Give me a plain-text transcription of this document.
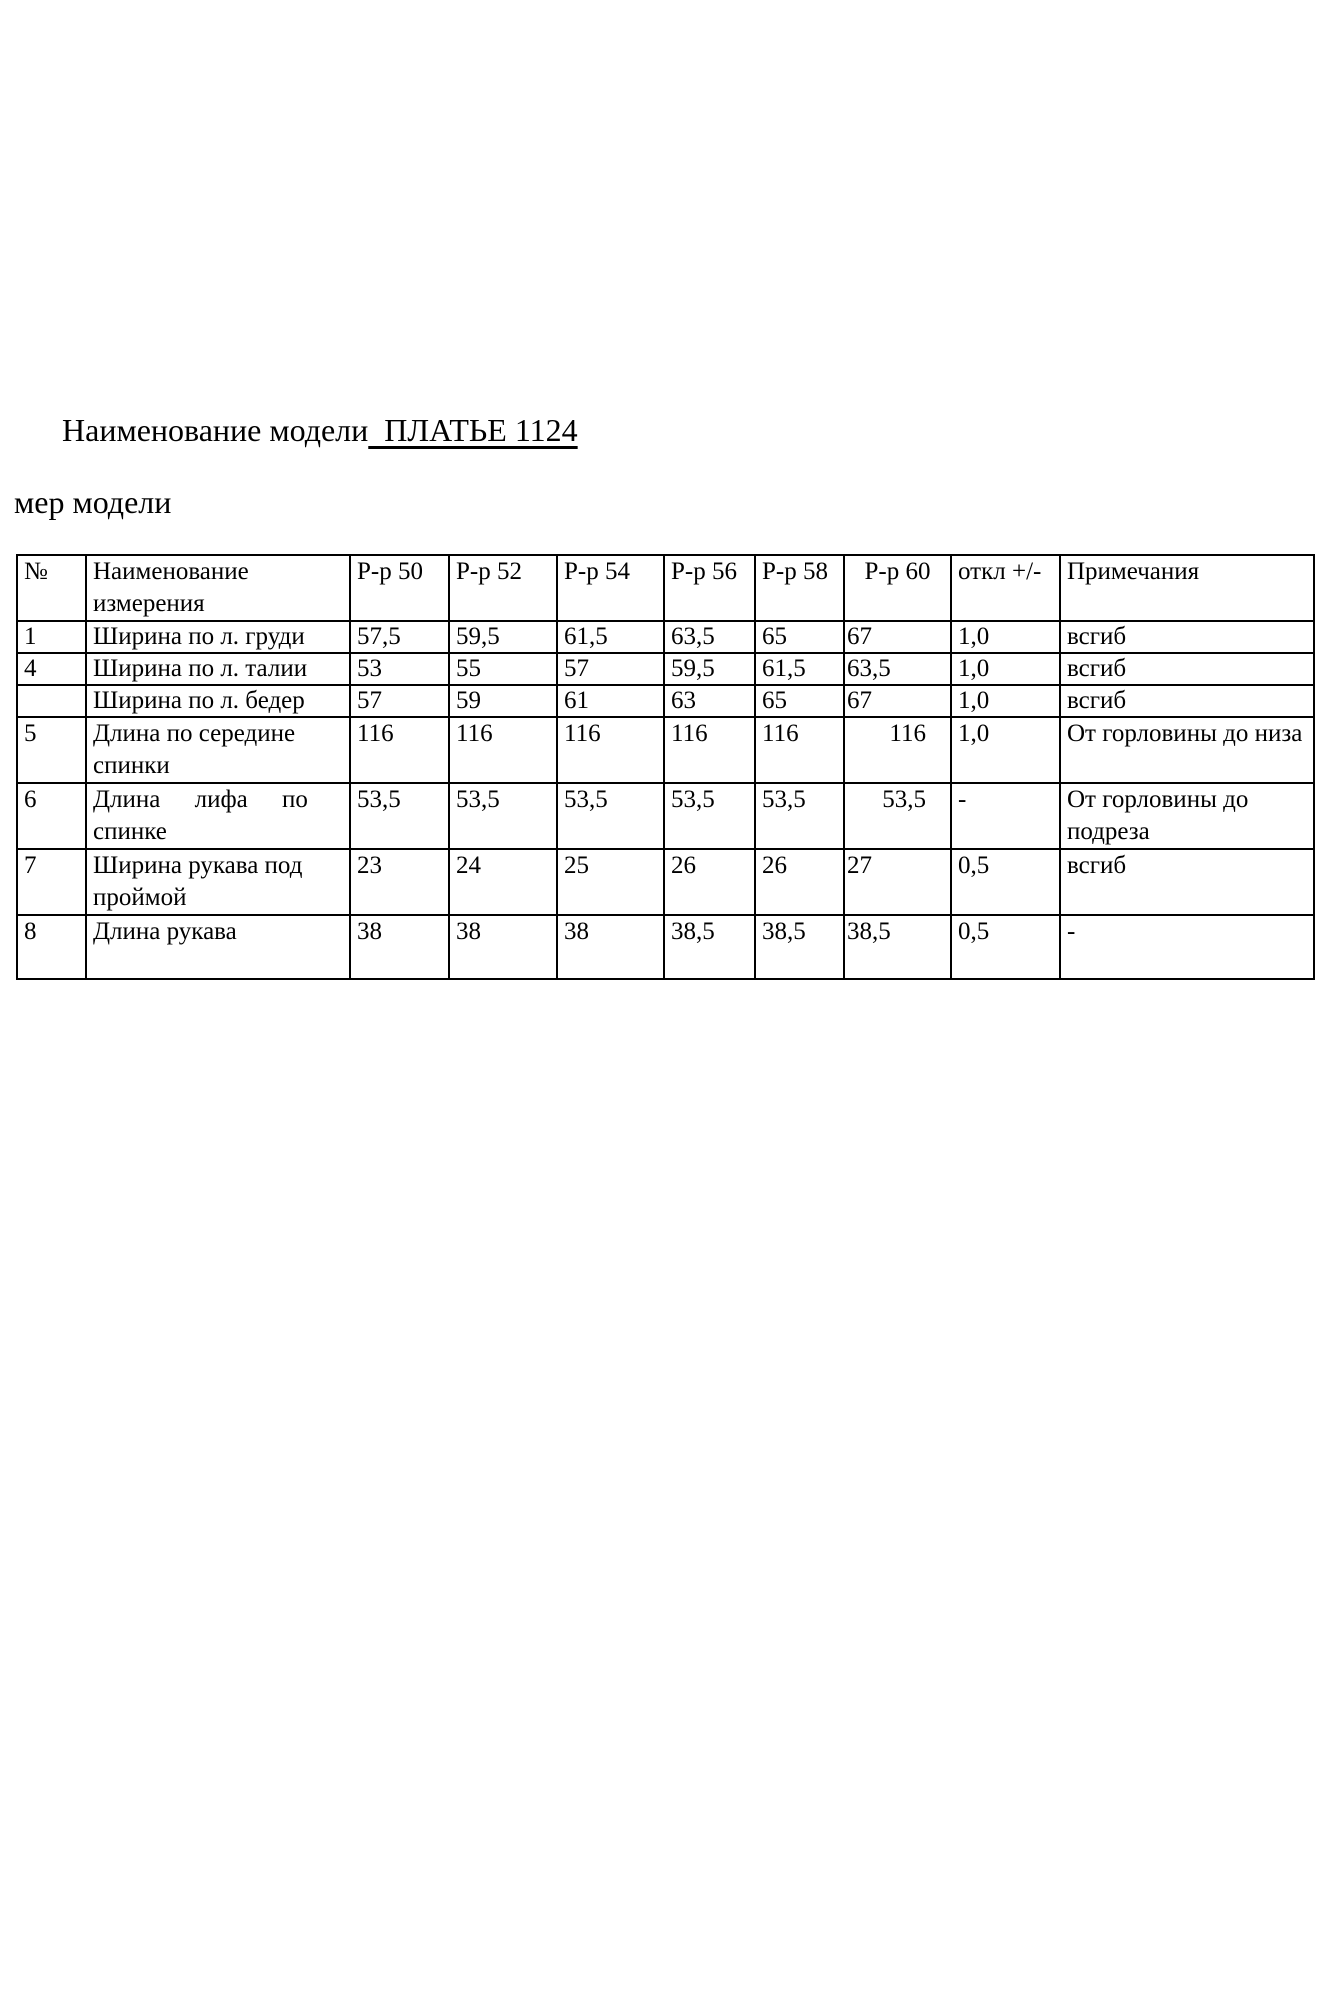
Наименование модели  ПЛАТЬЕ 1124
мер модели
№	Наименование измерения	Р-р 50	Р-р 52	Р-р 54	Р-р 56	Р-р 58	Р-р 60	откл +/-	Примечания
1	Ширина по л. груди	57,5	59,5	61,5	63,5	65	67	1,0	всгиб
4	Ширина по л. талии	53	55	57	59,5	61,5	63,5	1,0	всгиб
	Ширина по л. бедер	57	59	61	63	65	67	1,0	всгиб
5	Длина по середине спинки	116	116	116	116	116	116	1,0	От горловины до низа
6	Длина лифа по спинке	53,5	53,5	53,5	53,5	53,5	53,5	-	От горловины до подреза
7	Ширина рукава под проймой	23	24	25	26	26	27	0,5	всгиб
8	Длина рукава	38	38	38	38,5	38,5	38,5	0,5	-
